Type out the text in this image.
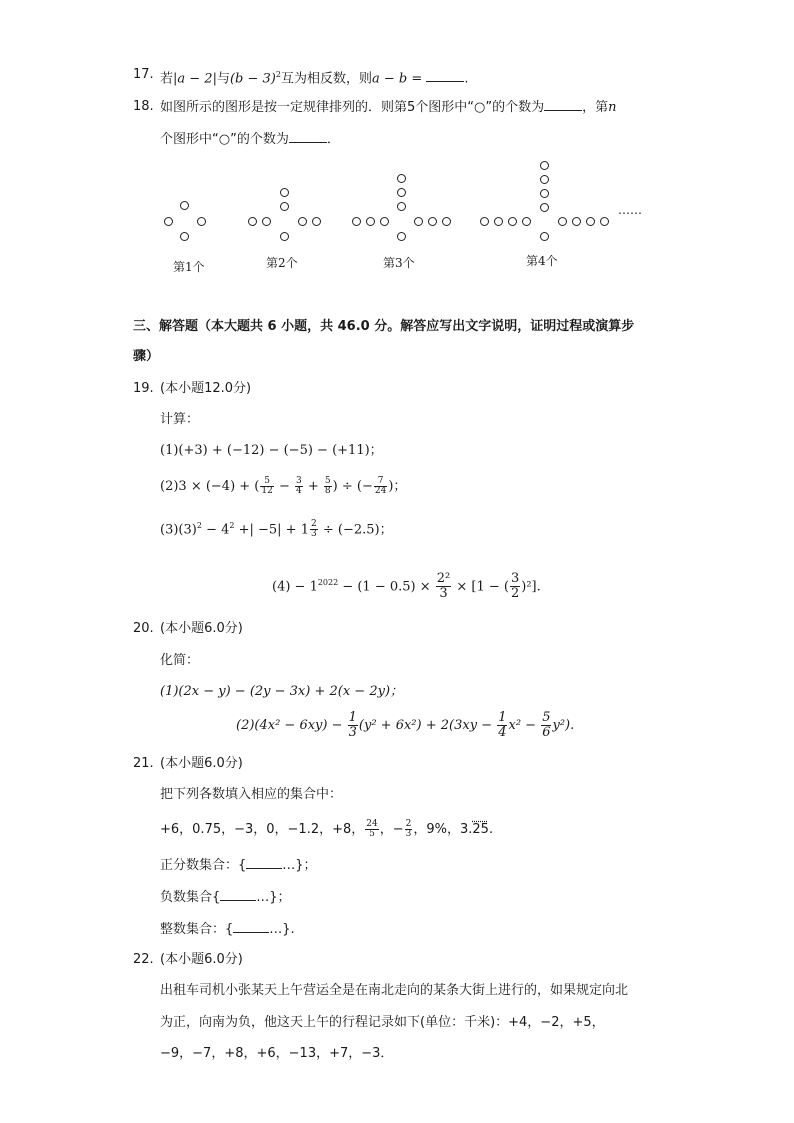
17. 若|a − 2|与$(b - 3)^2$互为相反数，则a − b =	.
18. 如图所示的图形是按一定规律排列的．则第5个图形中“○”的个数为	，第n
个图形中“○”的个数为	．
……
第1个	第2个	第3个	第4个
三、解答题（本大题共 6 小题，共 46.0 分。解答应写出文字说明，证明过程或演算步
骤）
19. (本小题12.0分)
计算：
(1)(+3) + (−12) − (−5) − (+11)；
(2)3 × (−4) + ( $\frac{5}{12} - \frac{3}{4} + \frac{5}{8}$ ) ÷ (− $\frac{7}{24}$ )；
$(3)(3)^2 - 4^2$ +| $-5| + 1 \frac{2}{3} \div (-2.5)$；
$(4) - 1^{2022} - (1 - 0.5) \times \frac{\text{2²}}{3} \times [1$ − ( $\frac{3}{2} )^2$].
20. (本小题6.0分)
化简：
(1)(2x − y) − (2y − 3x) + 2(x − 2y)；
$(2)(4x^2 - 6xy) - \frac{1}{3} (y^2 + 6x^2) + 2(3xy - \frac{1}{4} x^2 - \frac{5}{6} y^2)$.
21. (本小题6.0分)
把下列各数填入相应的集合中：
+6，0.75，−3，0，−1.2，+8， $\frac{24}{5}$ ，− $\frac{2}{3}$ ，9%，3.25.
正分数集合：{	…}；
负数集合{	…}；
整数集合：{	…}.
22. (本小题6.0分)
出租车司机小张某天上午营运全是在南北走向的某条大街上进行的，如果规定向北
为正，向南为负，他这天上午的行程记录如下(单位：千米)：+4，−2，+5，
−9，−7，+8，+6，−13，+7，−3．
